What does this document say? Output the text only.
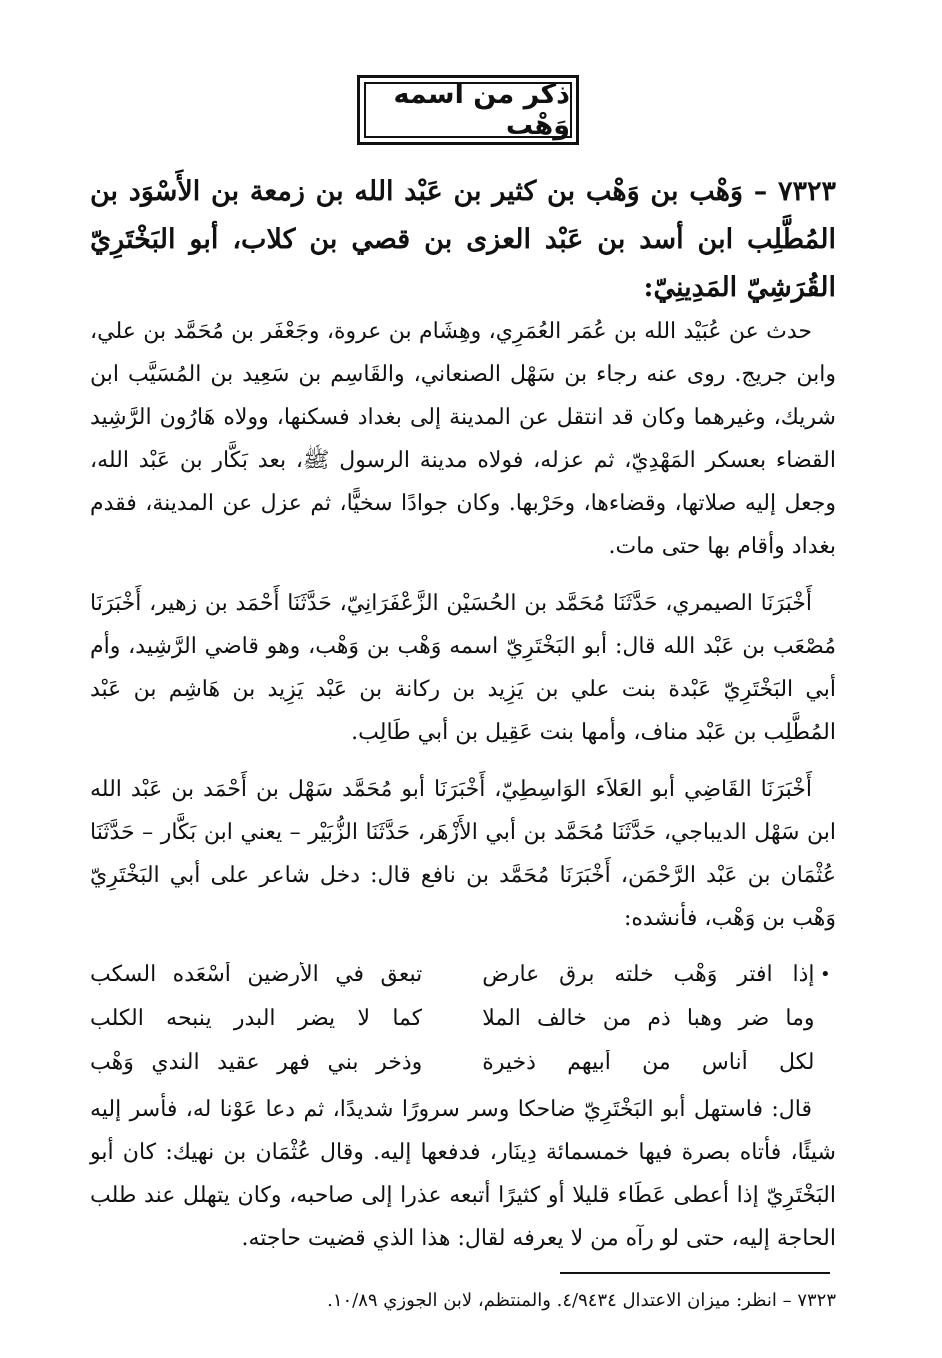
ذكر من اسمه وَهْب
٧٣٢٣ – وَهْب بن وَهْب بن كثير بن عَبْد الله بن زمعة بن الأَسْوَد بن المُطَّلِب ابن أسد بن عَبْد العزى بن قصي بن كلاب، أبو البَخْتَرِيّ القُرَشِيّ المَدِينِيّ:

حدث عن عُبَيْد الله بن عُمَر العُمَرِي، وهِشَام بن عروة، وجَعْفَر بن مُحَمَّد بن علي، وابن جريج. روى عنه رجاء بن سَهْل الصنعاني، والقَاسِم بن سَعِيد بن المُسَيَّب ابن شريك، وغيرهما وكان قد انتقل عن المدينة إلى بغداد فسكنها، وولاه هَارُون الرَّشِيد القضاء بعسكر المَهْدِيّ، ثم عزله، فولاه مدينة الرسول ﷺ، بعد بَكَّار بن عَبْد الله، وجعل إليه صلاتها، وقضاءها، وحَرْبها. وكان جوادًا سخيًّا، ثم عزل عن المدينة، فقدم بغداد وأقام بها حتى مات.

أَخْبَرَنَا الصيمري، حَدَّثَنَا مُحَمَّد بن الحُسَيْن الزَّعْفَرَانِيّ، حَدَّثَنَا أَحْمَد بن زهير، أَخْبَرَنَا مُصْعَب بن عَبْد الله قال: أبو البَخْتَرِيّ اسمه وَهْب بن وَهْب، وهو قاضي الرَّشِيد، وأم أبي البَخْتَرِيّ عَبْدة بنت علي بن يَزِيد بن ركانة بن عَبْد يَزِيد بن هَاشِم بن عَبْد المُطَّلِب بن عَبْد مناف، وأمها بنت عَقِيل بن أبي طَالِب.

أَخْبَرَنَا القَاضِي أبو العَلاَء الوَاسِطِيّ، أَخْبَرَنَا أبو مُحَمَّد سَهْل بن أَحْمَد بن عَبْد الله ابن سَهْل الديباجي، حَدَّثَنَا مُحَمَّد بن أبي الأَزْهَر، حَدَّثَنَا الزُّبَيْر – يعني ابن بَكَّار – حَدَّثَنَا عُثْمَان بن عَبْد الرَّحْمَن، أَخْبَرَنَا مُحَمَّد بن نافع قال: دخل شاعر على أبي البَخْتَرِيّ وَهْب بن وَهْب، فأنشده:

•
إذا افتر وَهْب خلته برق عارض
تبعق في الأرضين أَسْعَده السكب
وما ضر وهبا ذم من خالف الملا
كما لا يضر البدر ينبحه الكلب
لكل أناس من أبيهم ذخيرة
وذخر بني فهر عقيد الندي وَهْب

قال: فاستهل أبو البَخْتَرِيّ ضاحكا وسر سرورًا شديدًا، ثم دعا عَوْنا له، فأسر إليه شيئًا، فأتاه بصرة فيها خمسمائة دِينَار، فدفعها إليه. وقال عُثْمَان بن نهيك: كان أبو البَخْتَرِيّ إذا أعطى عَطَاء قليلا أو كثيرًا أتبعه عذرا إلى صاحبه، وكان يتهلل عند طلب الحاجة إليه، حتى لو رآه من لا يعرفه لقال: هذا الذي قضيت حاجته.

٧٣٢٣ – انظر: ميزان الاعتدال ٤/٩٤٣٤. والمنتظم، لابن الجوزي ١٠/٨٩.
